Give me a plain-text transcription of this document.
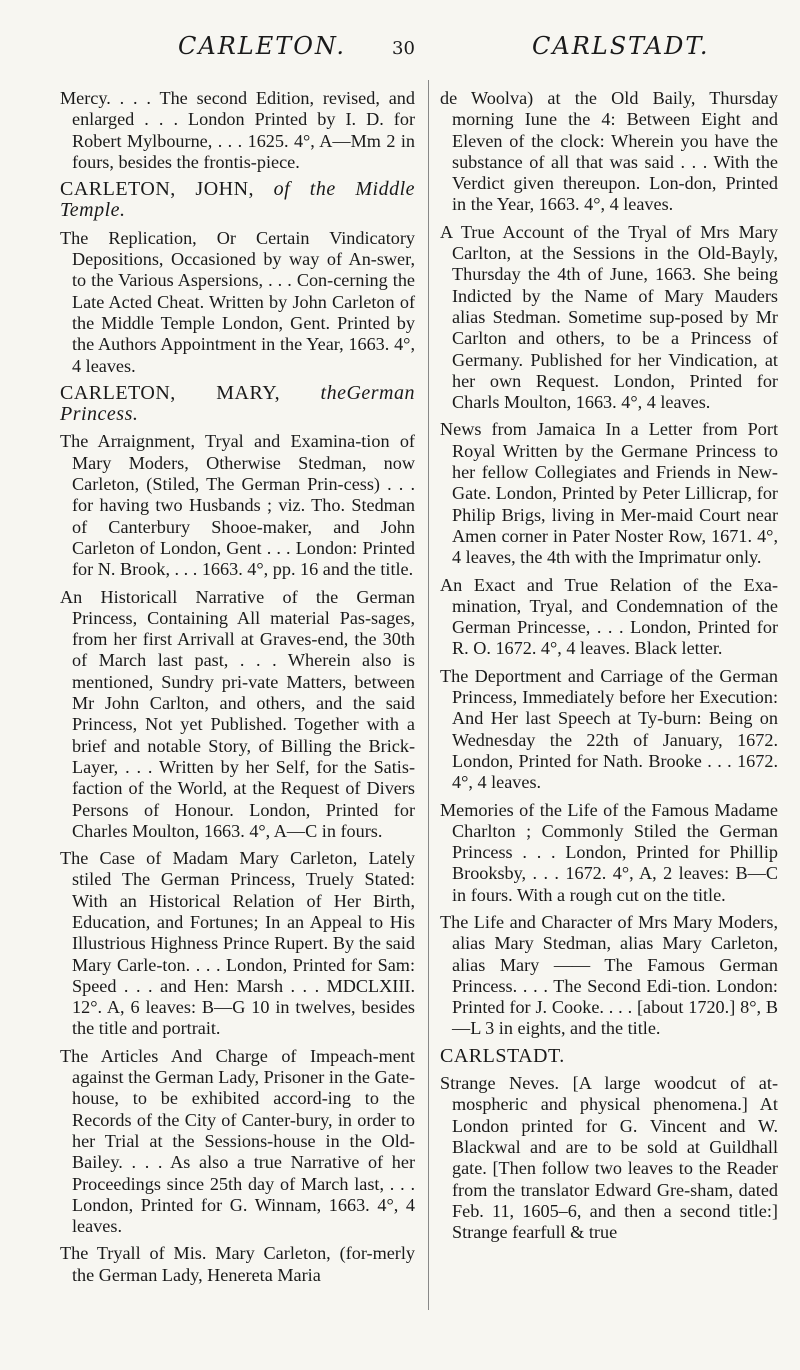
CARLETON.	30	CARLSTADT.

Mercy. . . . The second Edition, revised, and enlarged . . . London Printed by I. D. for Robert Mylbourne, . . . 1625. 4°, A—Mm 2 in fours, besides the frontis-piece.

CARLETON, JOHN, of the Middle Temple.

The Replication, Or Certain Vindicatory Depositions, Occasioned by way of An-swer, to the Various Aspersions, . . . Con-cerning the Late Acted Cheat. Written by John Carleton of the Middle Temple London, Gent. Printed by the Authors Appointment in the Year, 1663. 4°, 4 leaves.

CARLETON, MARY, theGerman Princess.

The Arraignment, Tryal and Examina-tion of Mary Moders, Otherwise Stedman, now Carleton, (Stiled, The German Prin-cess) . . . for having two Husbands ; viz. Tho. Stedman of Canterbury Shooe-maker, and John Carleton of London, Gent . . . London: Printed for N. Brook, . . . 1663. 4°, pp. 16 and the title.

An Historicall Narrative of the German Princess, Containing All material Pas-sages, from her first Arrivall at Graves-end, the 30th of March last past, . . . Wherein also is mentioned, Sundry pri-vate Matters, between Mr John Carlton, and others, and the said Princess, Not yet Published. Together with a brief and notable Story, of Billing the Brick-Layer, . . . Written by her Self, for the Satis-faction of the World, at the Request of Divers Persons of Honour. London, Printed for Charles Moulton, 1663. 4°, A—C in fours.

The Case of Madam Mary Carleton, Lately stiled The German Princess, Truely Stated: With an Historical Relation of Her Birth, Education, and Fortunes; In an Appeal to His Illustrious Highness Prince Rupert. By the said Mary Carle-ton. . . . London, Printed for Sam: Speed . . . and Hen: Marsh . . . MDCLXIII. 12°. A, 6 leaves: B—G 10 in twelves, besides the title and portrait.

The Articles And Charge of Impeach-ment against the German Lady, Prisoner in the Gate-house, to be exhibited accord-ing to the Records of the City of Canter-bury, in order to her Trial at the Sessions-house in the Old-Bailey. . . . As also a true Narrative of her Proceedings since 25th day of March last, . . . London, Printed for G. Winnam, 1663. 4°, 4 leaves.

The Tryall of Mis. Mary Carleton, (for-merly the German Lady, Henereta Maria

de Woolva) at the Old Baily, Thursday morning Iune the 4: Between Eight and Eleven of the clock: Wherein you have the substance of all that was said . . . With the Verdict given thereupon. Lon-don, Printed in the Year, 1663. 4°, 4 leaves.

A True Account of the Tryal of Mrs Mary Carlton, at the Sessions in the Old-Bayly, Thursday the 4th of June, 1663. She being Indicted by the Name of Mary Mauders alias Stedman. Sometime sup-posed by Mr Carlton and others, to be a Princess of Germany. Published for her Vindication, at her own Request. London, Printed for Charls Moulton, 1663. 4°, 4 leaves.

News from Jamaica In a Letter from Port Royal Written by the Germane Princess to her fellow Collegiates and Friends in New-Gate. London, Printed by Peter Lillicrap, for Philip Brigs, living in Mer-maid Court near Amen corner in Pater Noster Row, 1671. 4°, 4 leaves, the 4th with the Imprimatur only.

An Exact and True Relation of the Exa-mination, Tryal, and Condemnation of the German Princesse, . . . London, Printed for R. O. 1672. 4°, 4 leaves. Black letter.

The Deportment and Carriage of the German Princess, Immediately before her Execution: And Her last Speech at Ty-burn: Being on Wednesday the 22th of January, 1672. London, Printed for Nath. Brooke . . . 1672. 4°, 4 leaves.

Memories of the Life of the Famous Madame Charlton ; Commonly Stiled the German Princess . . . London, Printed for Phillip Brooksby, . . . 1672. 4°, A, 2 leaves: B—C in fours. With a rough cut on the title.

The Life and Character of Mrs Mary Moders, alias Mary Stedman, alias Mary Carleton, alias Mary —— The Famous German Princess. . . . The Second Edi-tion. London: Printed for J. Cooke. . . . [about 1720.] 8°, B—L 3 in eights, and the title.

CARLSTADT.

Strange Neves. [A large woodcut of at-mospheric and physical phenomena.] At London printed for G. Vincent and W. Blackwal and are to be sold at Guildhall gate. [Then follow two leaves to the Reader from the translator Edward Gre-sham, dated Feb. 11, 1605–6, and then a second title:] Strange fearfull & true
